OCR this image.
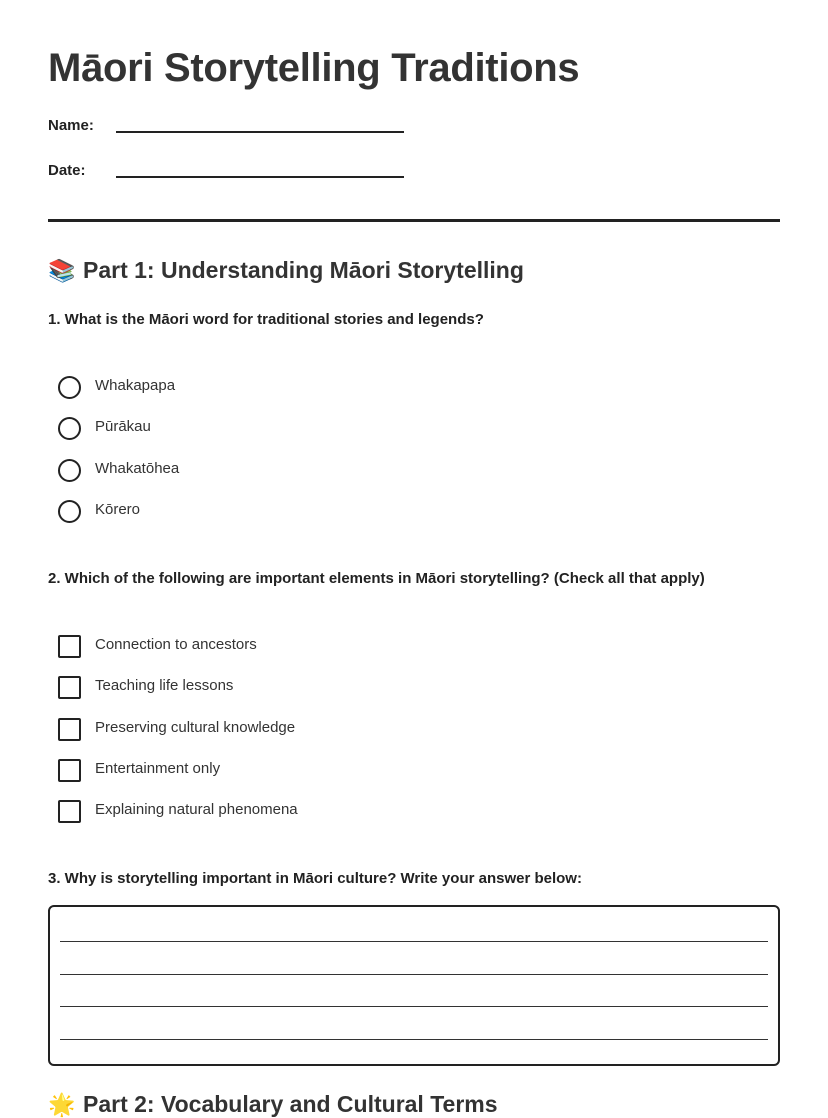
Māori Storytelling Traditions
Name:
Date:
📚 Part 1: Understanding Māori Storytelling

1. What is the Māori word for traditional stories and legends?

Whakapapa
Pūrākau
Whakatōhea
Kōrero

2. Which of the following are important elements in Māori storytelling? (Check all that apply)

Connection to ancestors
Teaching life lessons
Preserving cultural knowledge
Entertainment only
Explaining natural phenomena

3. Why is storytelling important in Māori culture? Write your answer below:

🌟 Part 2: Vocabulary and Cultural Terms
